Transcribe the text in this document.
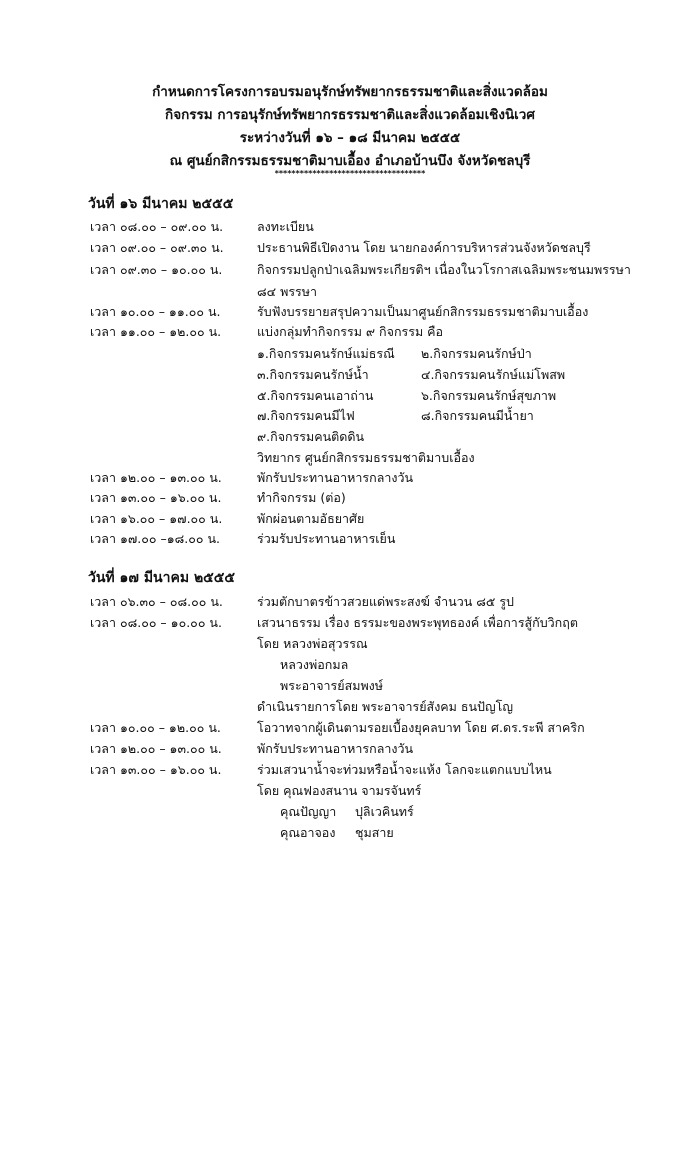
กำหนดการโครงการอบรมอนุรักษ์ทรัพยากรธรรมชาติและสิ่งแวดล้อม
กิจกรรม การอนุรักษ์ทรัพยากรธรรมชาติและสิ่งแวดล้อมเชิงนิเวศ
ระหว่างวันที่ ๑๖ – ๑๘ มีนาคม ๒๕๕๕
ณ ศูนย์กสิกรรมธรรมชาติมาบเอื้อง อำเภอบ้านบึง จังหวัดชลบุรี
************************************
วันที่ ๑๖ มีนาคม ๒๕๕๕
เวลา ๐๘.๐๐ – ๐๙.๐๐ น.	ลงทะเบียน
เวลา ๐๙.๐๐ – ๐๙.๓๐ น.	ประธานพิธีเปิดงาน โดย นายกองค์การบริหารส่วนจังหวัดชลบุรี
เวลา ๐๙.๓๐ – ๑๐.๐๐ น.	กิจกรรมปลูกป่าเฉลิมพระเกียรติฯ เนื่องในวโรกาสเฉลิมพระชนมพรรษา
๘๔ พรรษา
เวลา ๑๐.๐๐ – ๑๑.๐๐ น.	รับฟังบรรยายสรุปความเป็นมาศูนย์กสิกรรมธรรมชาติมาบเอื้อง
เวลา ๑๑.๐๐ – ๑๒.๐๐ น.	แบ่งกลุ่มทำกิจกรรม ๙ กิจกรรม คือ
๑.กิจกรรมคนรักษ์แม่ธรณี ๒.กิจกรรมคนรักษ์ป่า
๓.กิจกรรมคนรักษ์น้ำ	๔.กิจกรรมคนรักษ์แม่โพสพ
๕.กิจกรรมคนเอาถ่าน	๖.กิจกรรมคนรักษ์สุขภาพ
๗.กิจกรรมคนมีไฟ	๘.กิจกรรมคนมีน้ำยา
๙.กิจกรรมคนติดดิน
วิทยากร ศูนย์กสิกรรมธรรมชาติมาบเอื้อง
เวลา ๑๒.๐๐ – ๑๓.๐๐ น.	พักรับประทานอาหารกลางวัน
เวลา ๑๓.๐๐ – ๑๖.๐๐ น.	ทำกิจกรรม (ต่อ)
เวลา ๑๖.๐๐ – ๑๗.๐๐ น.	พักผ่อนตามอัธยาศัย
เวลา ๑๗.๐๐ –๑๘.๐๐ น.	ร่วมรับประทานอาหารเย็น
วันที่ ๑๗ มีนาคม ๒๕๕๕
เวลา ๐๖.๓๐ – ๐๘.๐๐ น.	ร่วมตักบาตรข้าวสวยแด่พระสงฆ์ จำนวน ๘๕ รูป
เวลา ๐๘.๐๐ – ๑๐.๐๐ น.	เสวนาธรรม เรื่อง ธรรมะของพระพุทธองค์ เพื่อการสู้กับวิกฤต
โดย หลวงพ่อสุวรรณ
หลวงพ่อกมล
พระอาจารย์สมพงษ์
ดำเนินรายการโดย พระอาจารย์สังคม ธนปัญโญ
เวลา ๑๐.๐๐ – ๑๒.๐๐ น.	โอวาทจากผู้เดินตามรอยเบื้องยุคลบาท โดย ศ.ดร.ระพี สาคริก
เวลา ๑๒.๐๐ – ๑๓.๐๐ น.	พักรับประทานอาหารกลางวัน
เวลา ๑๓.๐๐ – ๑๖.๐๐ น.	ร่วมเสวนาน้ำจะท่วมหรือน้ำจะแห้ง โลกจะแตกแบบไหน
โดย คุณฟองสนาน จามรจันทร์
คุณปัญญา ปุลิเวคินทร์
คุณอาจอง ชุมสาย
